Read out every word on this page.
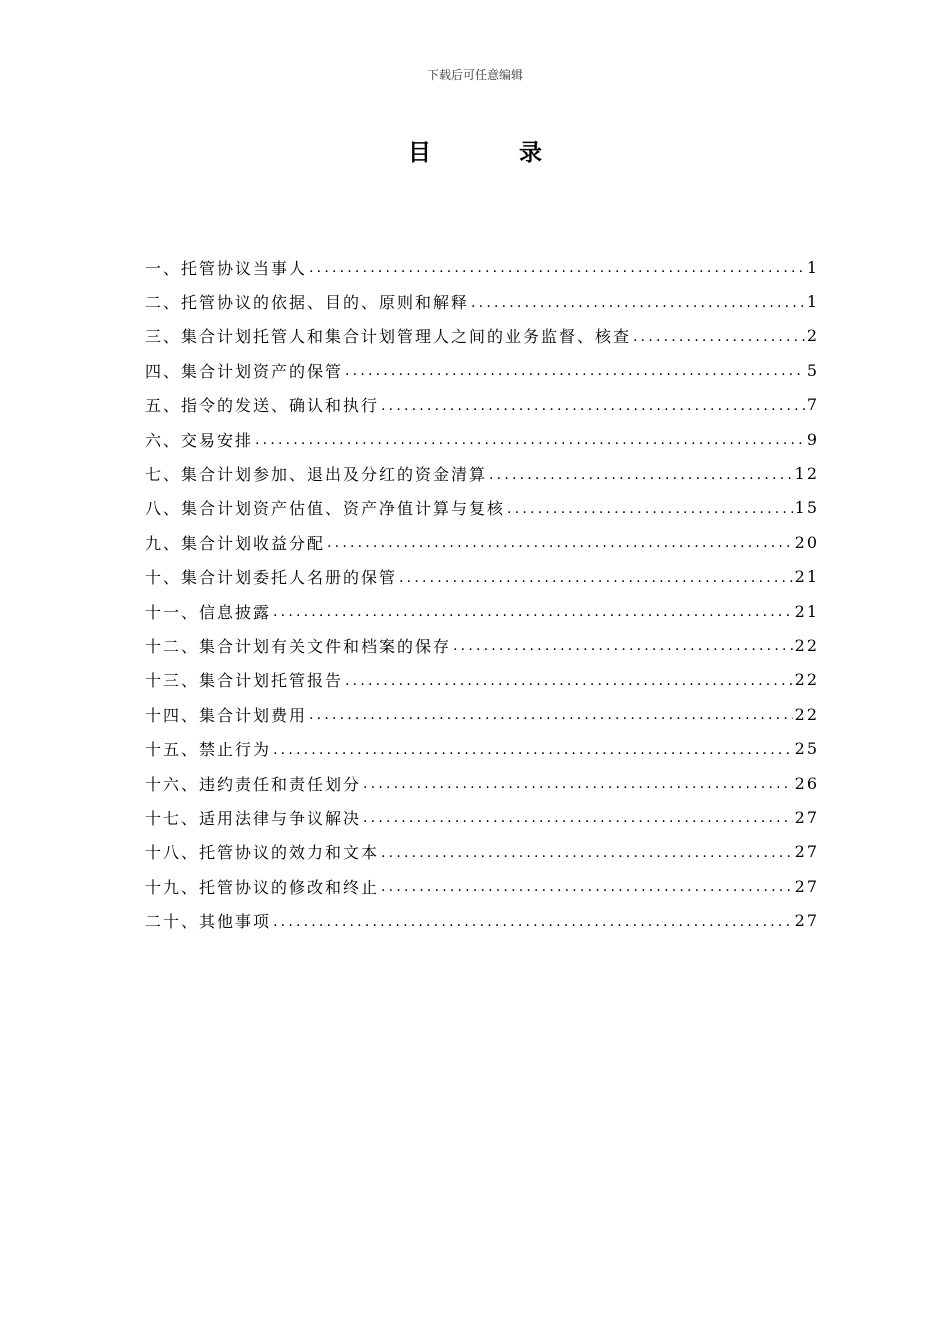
下载后可任意编辑
目 录
一、托管协议当事人 .....	1
二、托管协议的依据、目的、原则和解释 .....	1
三、集合计划托管人和集合计划管理人之间的业务监督、核查 .....	2
四、集合计划资产的保管 .....	5
五、指令的发送、确认和执行 .....	7
六、交易安排 .....	9
七、集合计划参加、退出及分红的资金清算 .....	12
八、集合计划资产估值、资产净值计算与复核 .....	15
九、集合计划收益分配 .....	20
十、集合计划委托人名册的保管 .....	21
十一、信息披露 .....	21
十二、集合计划有关文件和档案的保存 .....	22
十三、集合计划托管报告 .....	22
十四、集合计划费用 .....	22
十五、禁止行为 .....	25
十六、违约责任和责任划分 .....	26
十七、适用法律与争议解决 .....	27
十八、托管协议的效力和文本 .....	27
十九、托管协议的修改和终止 .....	27
二十、其他事项 .....	27
